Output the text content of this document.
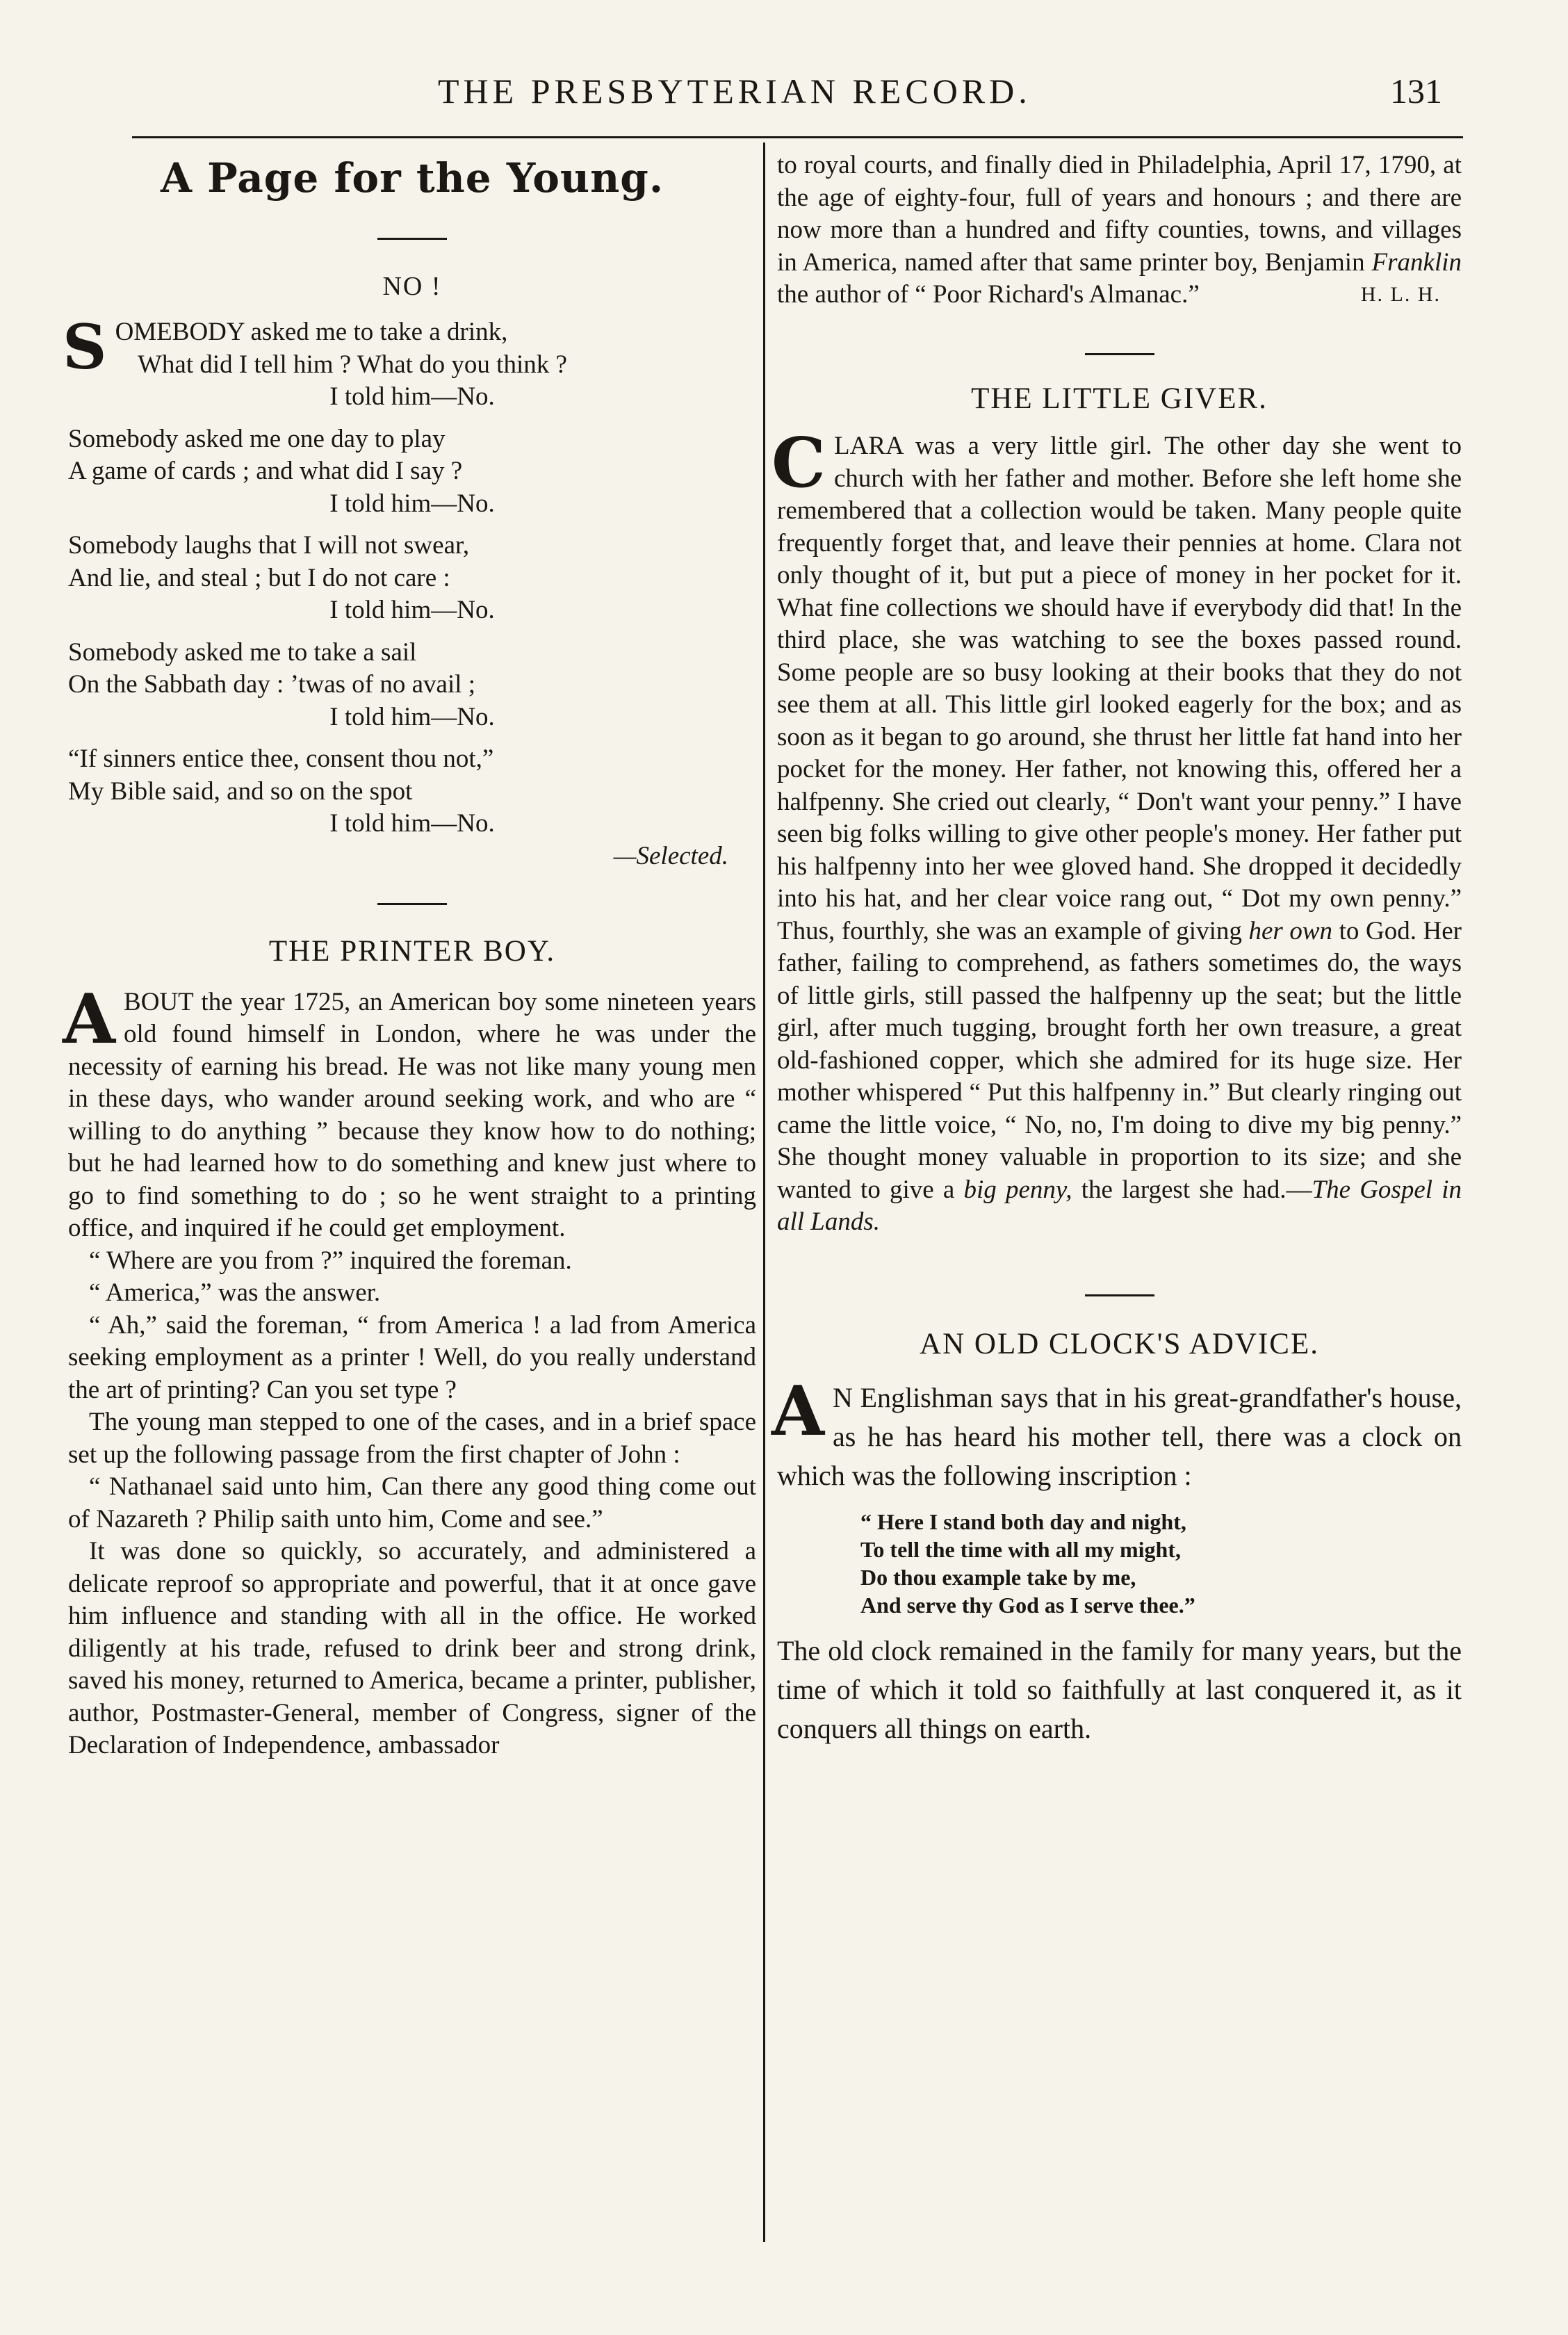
THE PRESBYTERIAN RECORD.	131
A Page for the Young.
NO !
S OMEBODY asked me to take a drink,
What did I tell him ? What do you think ?
I told him—No.
Somebody asked me one day to play
A game of cards ; and what did I say ?
I told him—No.
Somebody laughs that I will not swear,
And lie, and steal ; but I do not care :
I told him—No.
Somebody asked me to take a sail
On the Sabbath day : ’twas of no avail ;
I told him—No.
“If sinners entice thee, consent thou not,”
My Bible said, and so on the spot
I told him—No.
—Selected.
THE PRINTER BOY.

ABOUT the year 1725, an American boy some nineteen years old found himself in London, where he was under the necessity of earning his bread. He was not like many young men in these days, who wander around seeking work, and who are “ willing to do anything ” because they know how to do nothing; but he had learned how to do something and knew just where to go to find something to do ; so he went straight to a printing office, and inquired if he could get employment.

“ Where are you from ?” inquired the foreman.

“ America,” was the answer.

“ Ah,” said the foreman, “ from America ! a lad from America seeking employment as a printer ! Well, do you really understand the art of printing? Can you set type ?

The young man stepped to one of the cases, and in a brief space set up the following passage from the first chapter of John :

“ Nathanael said unto him, Can there any good thing come out of Nazareth ? Philip saith unto him, Come and see.”

It was done so quickly, so accurately, and administered a delicate reproof so appropriate and powerful, that it at once gave him influence and standing with all in the office. He worked diligently at his trade, refused to drink beer and strong drink, saved his money, returned to America, became a printer, publisher, author, Postmaster-General, member of Congress, signer of the Declaration of Independence, ambassador

to royal courts, and finally died in Philadelphia, April 17, 1790, at the age of eighty-four, full of years and honours ; and there are now more than a hundred and fifty counties, towns, and villages in America, named after that same printer boy, Benjamin Franklin the author of “ Poor Richard's Almanac.”	H. L. H.

THE LITTLE GIVER.

CLARA was a very little girl. The other day she went to church with her father and mother. Before she left home she remembered that a collection would be taken. Many people quite frequently forget that, and leave their pennies at home. Clara not only thought of it, but put a piece of money in her pocket for it. What fine collections we should have if everybody did that! In the third place, she was watching to see the boxes passed round. Some people are so busy looking at their books that they do not see them at all. This little girl looked eagerly for the box; and as soon as it began to go around, she thrust her little fat hand into her pocket for the money. Her father, not knowing this, offered her a halfpenny. She cried out clearly, “ Don't want your penny.” I have seen big folks willing to give other people's money. Her father put his halfpenny into her wee gloved hand. She dropped it decidedly into his hat, and her clear voice rang out, “ Dot my own penny.” Thus, fourthly, she was an example of giving her own to God. Her father, failing to comprehend, as fathers sometimes do, the ways of little girls, still passed the halfpenny up the seat; but the little girl, after much tugging, brought forth her own treasure, a great old-fashioned copper, which she admired for its huge size. Her mother whispered “ Put this halfpenny in.” But clearly ringing out came the little voice, “ No, no, I'm doing to dive my big penny.” She thought money valuable in proportion to its size; and she wanted to give a big penny, the largest she had.—The Gospel in all Lands.

AN OLD CLOCK'S ADVICE.

A N Englishman says that in his great-grandfather's house, as he has heard his mother tell, there was a clock on which was the following inscription :

“ Here I stand both day and night,
To tell the time with all my might,
Do thou example take by me,
And serve thy God as I serve thee.”

The old clock remained in the family for many years, but the time of which it told so faithfully at last conquered it, as it conquers all things on earth.
